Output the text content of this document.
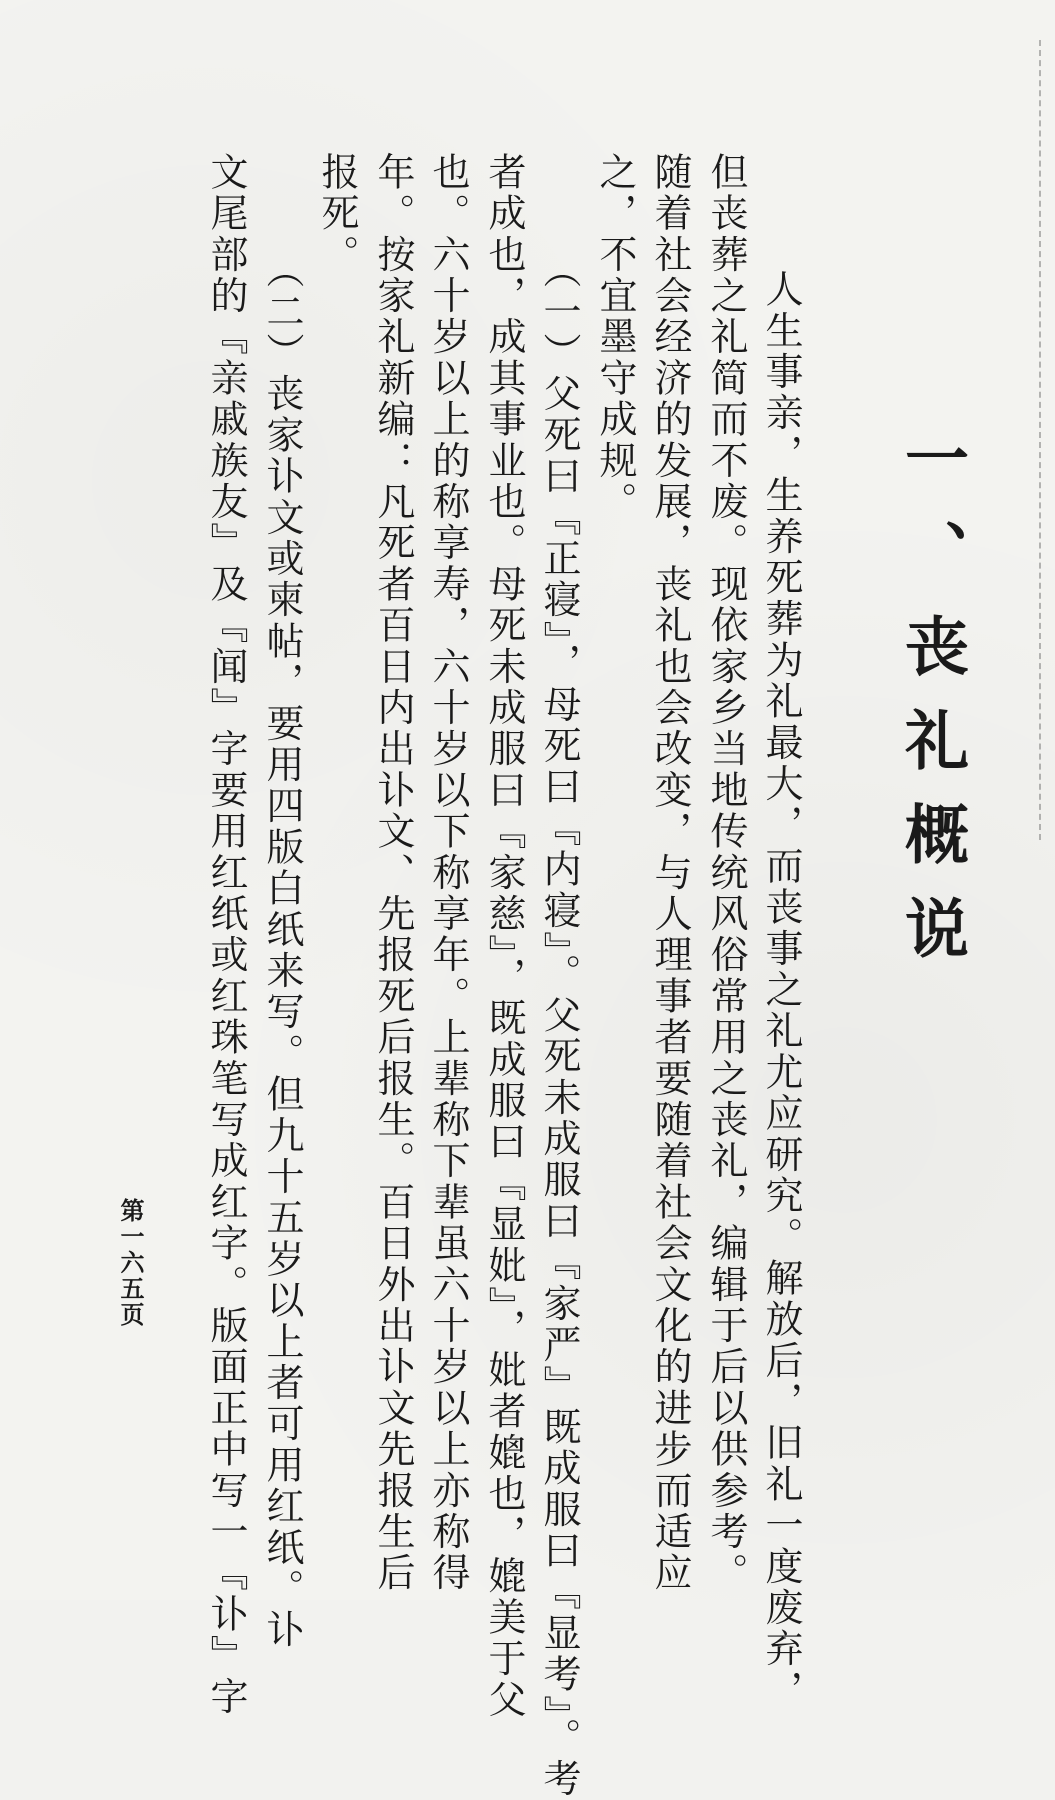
一、丧礼概说
　人生事亲，生养死葬为礼最大，而丧事之礼尤应研究。解放后，旧礼一度废弃，
但丧葬之礼简而不废。现依家乡当地传统风俗常用之丧礼，编辑于后以供参考。
随着社会经济的发展，丧礼也会改变，与人理事者要随着社会文化的进步而适应
之，不宜墨守成规。
　（一）父死曰『正寝』，母死曰『内寝』。父死未成服曰『家严』既成服曰『显考』。考
者成也，成其事业也。母死未成服曰『家慈』，既成服曰『显妣』，妣者媲也，媲美于父
也。六十岁以上的称享寿，六十岁以下称享年。上辈称下辈虽六十岁以上亦称得
年。按家礼新编：凡死者百日内出讣文、先报死后报生。百日外出讣文先报生后
报死。
　（二）丧家讣文或柬帖，要用四版白纸来写。但九十五岁以上者可用红纸。讣
文尾部的『亲戚族友』及『闻』字要用红纸或红珠笔写成红字。版面正中写一『讣』字
第一六五页
